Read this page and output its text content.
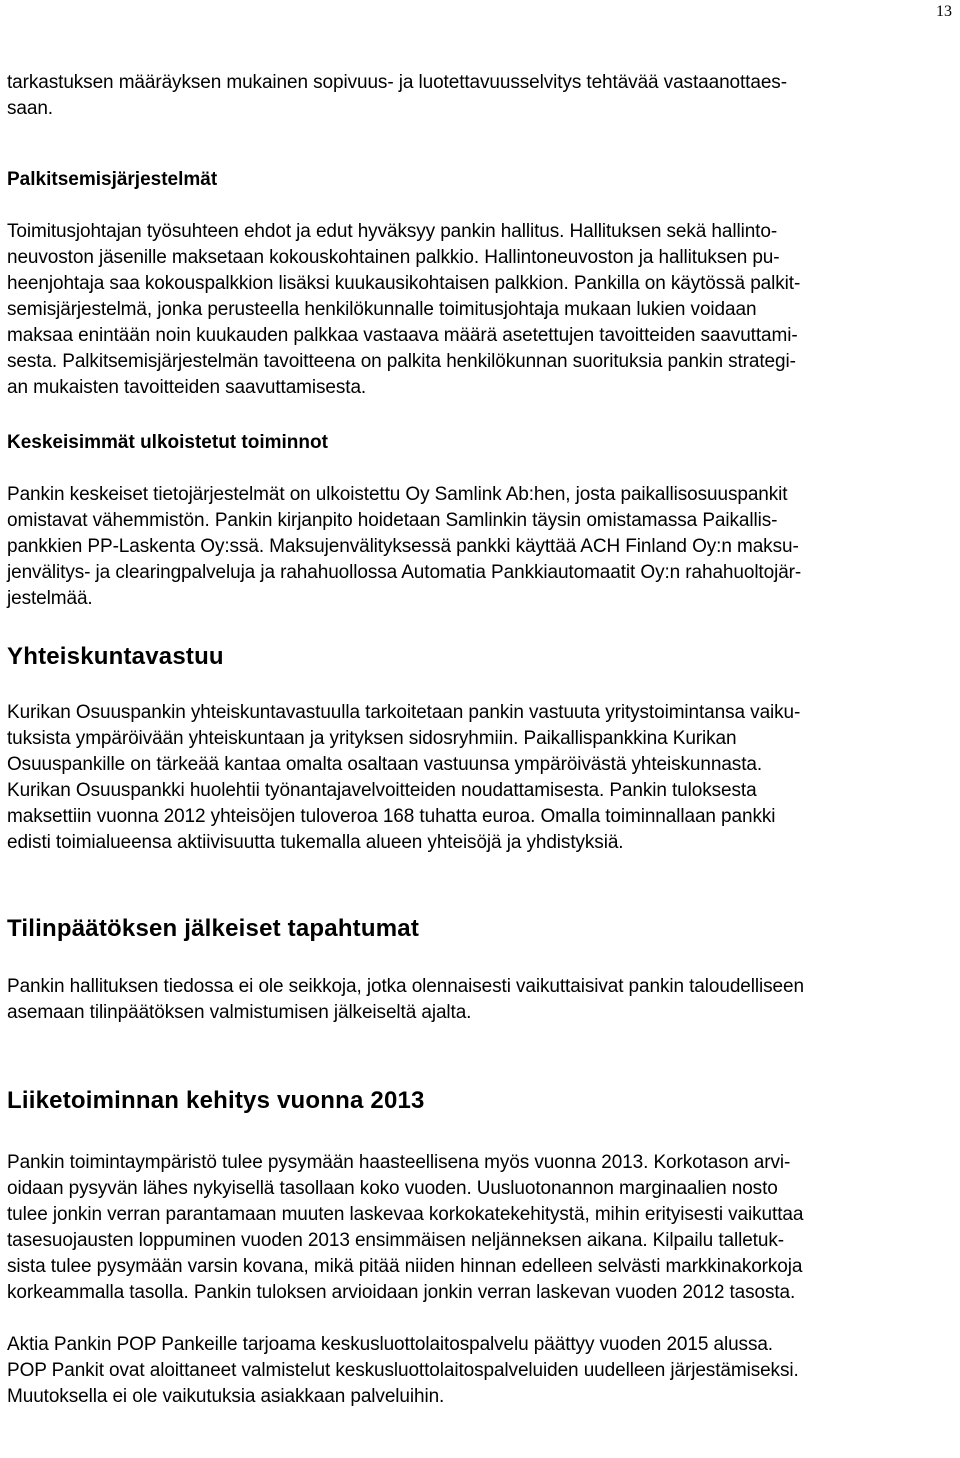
13

tarkastuksen määräyksen mukainen sopivuus- ja luotettavuusselvitys tehtävää vastaanottaes-
saan.

Palkitsemisjärjestelmät

Toimitusjohtajan työsuhteen ehdot ja edut hyväksyy pankin hallitus. Hallituksen sekä hallinto-
neuvoston jäsenille maksetaan kokouskohtainen palkkio. Hallintoneuvoston ja hallituksen pu-
heenjohtaja saa kokouspalkkion lisäksi kuukausikohtaisen palkkion. Pankilla on käytössä palkit-
semisjärjestelmä, jonka perusteella henkilökunnalle toimitusjohtaja mukaan lukien voidaan
maksaa enintään noin kuukauden palkkaa vastaava määrä asetettujen tavoitteiden saavuttami-
sesta. Palkitsemisjärjestelmän tavoitteena on palkita henkilökunnan suorituksia pankin strategi-
an mukaisten tavoitteiden saavuttamisesta.

Keskeisimmät ulkoistetut toiminnot

Pankin keskeiset tietojärjestelmät on ulkoistettu Oy Samlink Ab:hen, josta paikallisosuuspankit
omistavat vähemmistön. Pankin kirjanpito hoidetaan Samlinkin täysin omistamassa Paikallis-
pankkien PP-Laskenta Oy:ssä. Maksujenvälityksessä pankki käyttää ACH Finland Oy:n maksu-
jenvälitys- ja clearingpalveluja ja rahahuollossa Automatia Pankkiautomaatit Oy:n rahahuoltojär-
jestelmää.

Yhteiskuntavastuu

Kurikan Osuuspankin yhteiskuntavastuulla tarkoitetaan pankin vastuuta yritystoimintansa vaiku-
tuksista ympäröivään yhteiskuntaan ja yrityksen sidosryhmiin. Paikallispankkina Kurikan
Osuuspankille on tärkeää kantaa omalta osaltaan vastuunsa ympäröivästä yhteiskunnasta.
Kurikan Osuuspankki huolehtii työnantajavelvoitteiden noudattamisesta. Pankin tuloksesta
maksettiin vuonna 2012 yhteisöjen tuloveroa 168 tuhatta euroa. Omalla toiminnallaan pankki
edisti toimialueensa aktiivisuutta tukemalla alueen yhteisöjä ja yhdistyksiä.

Tilinpäätöksen jälkeiset tapahtumat

Pankin hallituksen tiedossa ei ole seikkoja, jotka olennaisesti vaikuttaisivat pankin taloudelliseen
asemaan tilinpäätöksen valmistumisen jälkeiseltä ajalta.

Liiketoiminnan kehitys vuonna 2013

Pankin toimintaympäristö tulee pysymään haasteellisena myös vuonna 2013. Korkotason arvi-
oidaan pysyvän lähes nykyisellä tasollaan koko vuoden. Uusluotonannon marginaalien nosto
tulee jonkin verran parantamaan muuten laskevaa korkokatekehitystä, mihin erityisesti vaikuttaa
tasesuojausten loppuminen vuoden 2013 ensimmäisen neljänneksen aikana. Kilpailu talletuk-
sista tulee pysymään varsin kovana, mikä pitää niiden hinnan edelleen selvästi markkinakorkoja
korkeammalla tasolla. Pankin tuloksen arvioidaan jonkin verran laskevan vuoden 2012 tasosta.

Aktia Pankin POP Pankeille tarjoama keskusluottolaitospalvelu päättyy vuoden 2015 alussa.
POP Pankit ovat aloittaneet valmistelut keskusluottolaitospalveluiden uudelleen järjestämiseksi.
Muutoksella ei ole vaikutuksia asiakkaan palveluihin.
